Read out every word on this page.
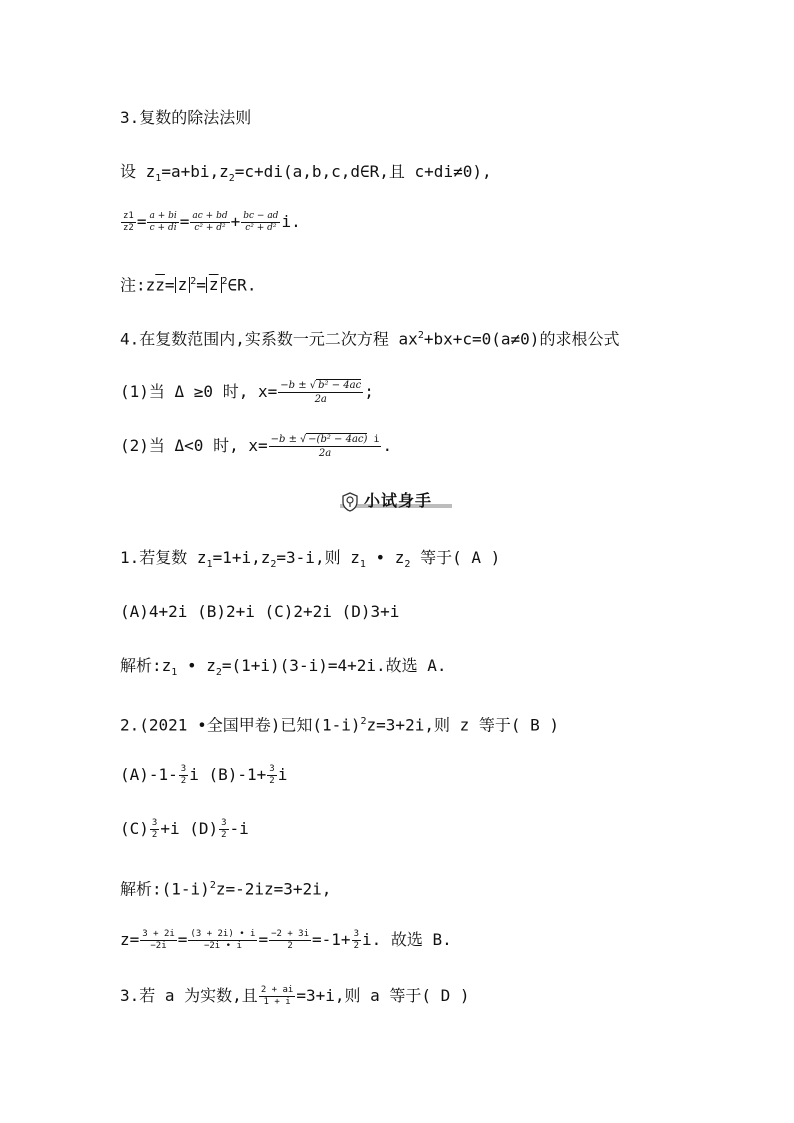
3.复数的除法法则
设 $z_1=a+bi,z_2=c+di(a,b,c,d\in R$,且 c+di≠0),
$\frac{z1}{z2} = \frac{a + bi}{c + di} = \frac{ac + bd}{\text{c² + d²}} + \frac{bc - ad}{\text{c² + d²}} i$.
注$:z\overline{z}= z$ $^2= \overline{z}$ $^2$∈R.
4.在复数范围内,实系数一元二次方程 $ax^2+bx+c=0(a\ne 0)$的求根公式
(1)当 Δ ≥0 时, $x= \frac{\text{−b ± √ b² − 4ac}}{2a}$ ;
(2)当 Δ<0 时, $x= \frac{\text{−b ± √ −(b² − 4ac) i}}{2a}$ .
小试身手
1.若复数 $z_1=1+i,z_2=3-i$,则 $z_1$ • $z_2$ 等于( A )
(A)4+2i (B)2+i (C)2+2i (D)3+i
解析$:z_1$ • $z_2=(1+i)(3-i)=4+2i$.故选 A.
2.(2021 •全国甲卷)已知$(1-i)^2z=3+2i$,则 z 等于( B )
$(A)-1- \frac{3}{2}$ i $(B)-1+ \frac{3}{2}$ i
$(C) \frac{3}{2} +i$ $(D) \frac{3}{2} -i$
解析$:(1-i)^2z=-2iz=3+2i$,
$z= \frac{3 + 2i}{-2i} = \frac{(3 + 2i) • i}{-2i • i} = \frac{-2 + 3i}{2} =-1+ \frac{3}{2} i$. 故选 B.
3.若 a 为实数,且 $\frac{2 + ai}{1 + i} =3+i$,则 a 等于( D )
